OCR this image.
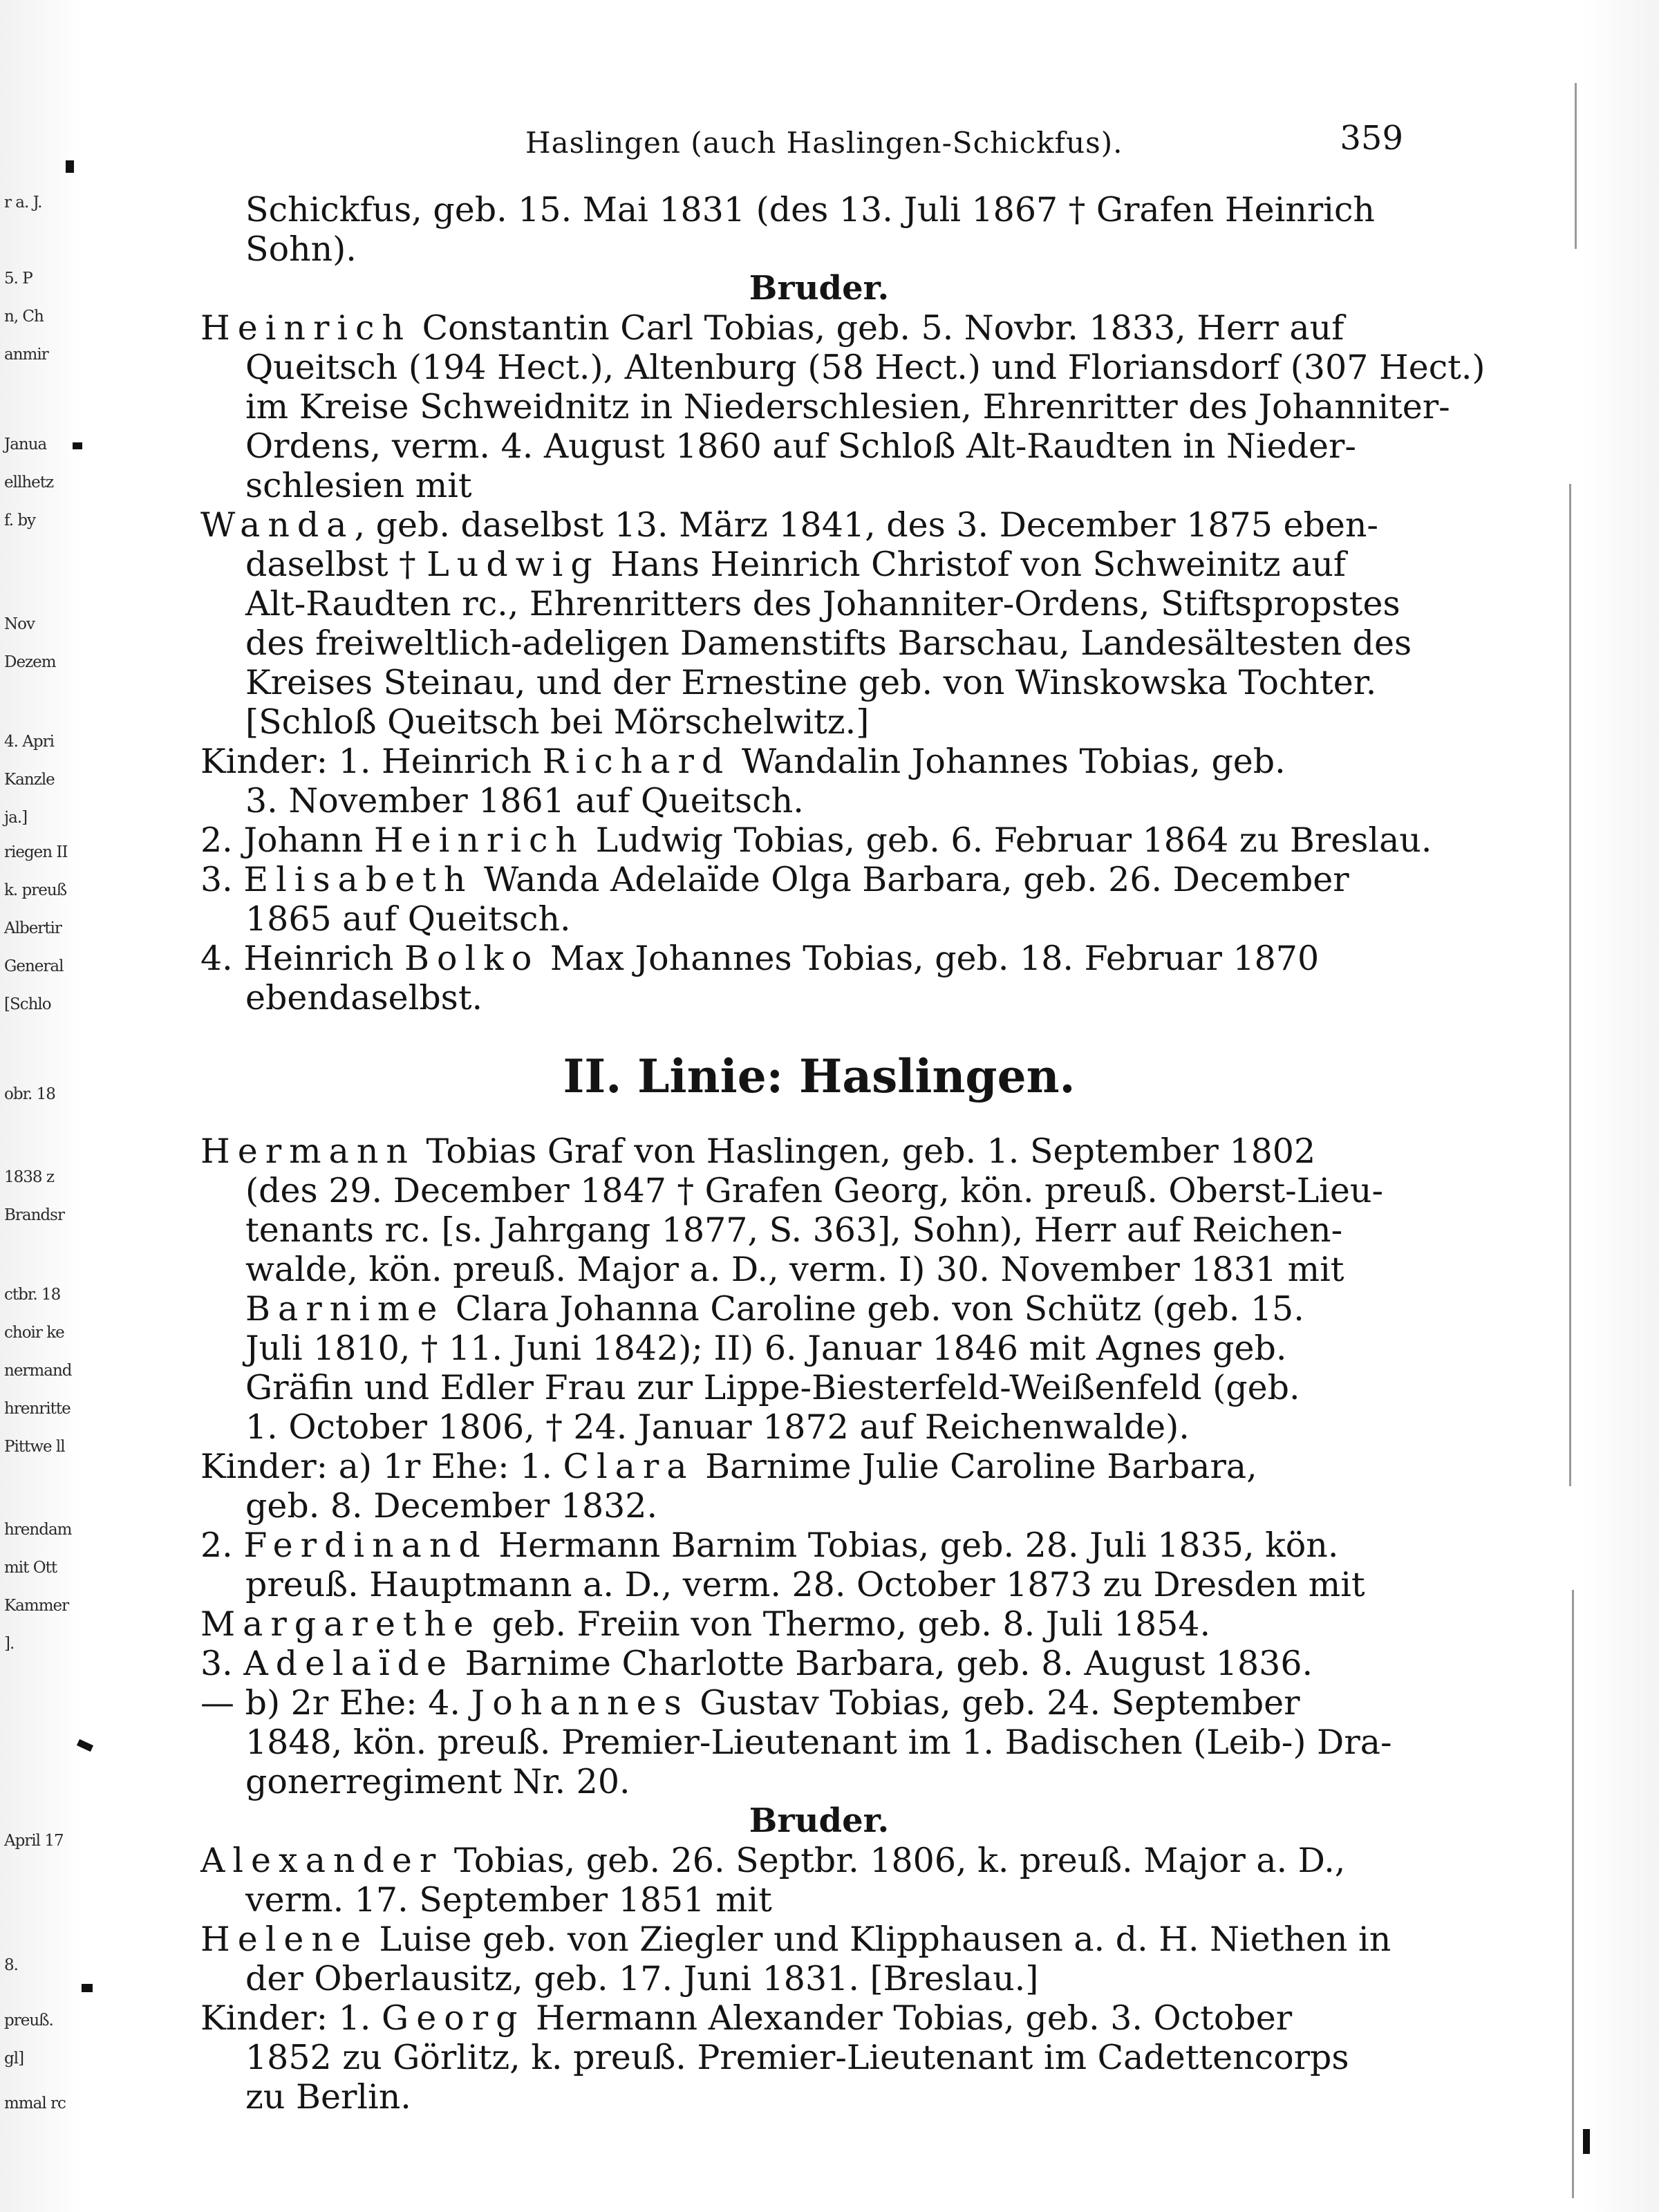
r a. J.
5. P
n, Ch
anmir
Janua
ellhetz
f. by
Nov
Dezem
4. Apri
Kanzle
ja.]
riegen II
k. preuß
Albertir
General
[Schlo
obr. 18
1838 z
Brandsr
ctbr. 18
choir ke
nermand
hrenritte
Pittwe ll
hrendam
mit Ott
Kammer
].
April 17
8.
preuß.
gl]
mmal rc
Haslingen (auch Haslingen-Schickfus).	359

Schickfus, geb. 15. Mai 1831 (des 13. Juli 1867 † Grafen Heinrich

Sohn).

Bruder.

Heinrich Constantin Carl Tobias, geb. 5. Novbr. 1833, Herr auf

Queitsch (194 Hect.), Altenburg (58 Hect.) und Floriansdorf (307 Hect.)

im Kreise Schweidnitz in Niederschlesien, Ehrenritter des Johanniter-

Ordens, verm. 4. August 1860 auf Schloß Alt-Raudten in Nieder-

schlesien mit

Wanda, geb. daselbst 13. März 1841, des 3. December 1875 eben-

daselbst † Ludwig Hans Heinrich Christof von Schweinitz auf

Alt-Raudten rc., Ehrenritters des Johanniter-Ordens, Stiftspropstes

des freiweltlich-adeligen Damenstifts Barschau, Landesältesten des

Kreises Steinau, und der Ernestine geb. von Winskowska Tochter.

[Schloß Queitsch bei Mörschelwitz.]

Kinder: 1. Heinrich Richard Wandalin Johannes Tobias, geb.

3. November 1861 auf Queitsch.

2. Johann Heinrich Ludwig Tobias, geb. 6. Februar 1864 zu Breslau.

3. Elisabeth Wanda Adelaïde Olga Barbara, geb. 26. December

1865 auf Queitsch.

4. Heinrich Bolko Max Johannes Tobias, geb. 18. Februar 1870

ebendaselbst.

II. Linie: Haslingen.

Hermann Tobias Graf von Haslingen, geb. 1. September 1802

(des 29. December 1847 † Grafen Georg, kön. preuß. Oberst-Lieu-

tenants rc. [s. Jahrgang 1877, S. 363], Sohn), Herr auf Reichen-

walde, kön. preuß. Major a. D., verm. I) 30. November 1831 mit

Barnime Clara Johanna Caroline geb. von Schütz (geb. 15.

Juli 1810, † 11. Juni 1842); II) 6. Januar 1846 mit Agnes geb.

Gräfin und Edler Frau zur Lippe-Biesterfeld-Weißenfeld (geb.

1. October 1806, † 24. Januar 1872 auf Reichenwalde).

Kinder: a) 1r Ehe: 1. Clara Barnime Julie Caroline Barbara,

geb. 8. December 1832.

2. Ferdinand Hermann Barnim Tobias, geb. 28. Juli 1835, kön.

preuß. Hauptmann a. D., verm. 28. October 1873 zu Dresden mit

Margarethe geb. Freiin von Thermo, geb. 8. Juli 1854.

3. Adelaïde Barnime Charlotte Barbara, geb. 8. August 1836.

— b) 2r Ehe: 4. Johannes Gustav Tobias, geb. 24. September

1848, kön. preuß. Premier-Lieutenant im 1. Badischen (Leib-) Dra-

gonerregiment Nr. 20.

Bruder.

Alexander Tobias, geb. 26. Septbr. 1806, k. preuß. Major a. D.,

verm. 17. September 1851 mit

Helene Luise geb. von Ziegler und Klipphausen a. d. H. Niethen in

der Oberlausitz, geb. 17. Juni 1831. [Breslau.]

Kinder: 1. Georg Hermann Alexander Tobias, geb. 3. October

1852 zu Görlitz, k. preuß. Premier-Lieutenant im Cadettencorps

zu Berlin.
